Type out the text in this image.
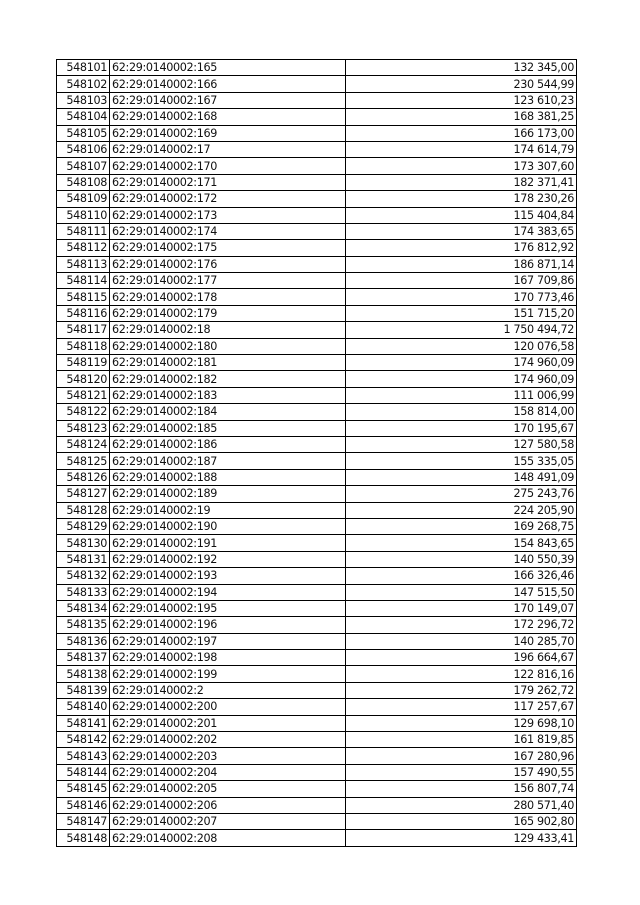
548101	62:29:0140002:165	132 345,00
548102	62:29:0140002:166	230 544,99
548103	62:29:0140002:167	123 610,23
548104	62:29:0140002:168	168 381,25
548105	62:29:0140002:169	166 173,00
548106	62:29:0140002:17	174 614,79
548107	62:29:0140002:170	173 307,60
548108	62:29:0140002:171	182 371,41
548109	62:29:0140002:172	178 230,26
548110	62:29:0140002:173	115 404,84
548111	62:29:0140002:174	174 383,65
548112	62:29:0140002:175	176 812,92
548113	62:29:0140002:176	186 871,14
548114	62:29:0140002:177	167 709,86
548115	62:29:0140002:178	170 773,46
548116	62:29:0140002:179	151 715,20
548117	62:29:0140002:18	1 750 494,72
548118	62:29:0140002:180	120 076,58
548119	62:29:0140002:181	174 960,09
548120	62:29:0140002:182	174 960,09
548121	62:29:0140002:183	111 006,99
548122	62:29:0140002:184	158 814,00
548123	62:29:0140002:185	170 195,67
548124	62:29:0140002:186	127 580,58
548125	62:29:0140002:187	155 335,05
548126	62:29:0140002:188	148 491,09
548127	62:29:0140002:189	275 243,76
548128	62:29:0140002:19	224 205,90
548129	62:29:0140002:190	169 268,75
548130	62:29:0140002:191	154 843,65
548131	62:29:0140002:192	140 550,39
548132	62:29:0140002:193	166 326,46
548133	62:29:0140002:194	147 515,50
548134	62:29:0140002:195	170 149,07
548135	62:29:0140002:196	172 296,72
548136	62:29:0140002:197	140 285,70
548137	62:29:0140002:198	196 664,67
548138	62:29:0140002:199	122 816,16
548139	62:29:0140002:2	179 262,72
548140	62:29:0140002:200	117 257,67
548141	62:29:0140002:201	129 698,10
548142	62:29:0140002:202	161 819,85
548143	62:29:0140002:203	167 280,96
548144	62:29:0140002:204	157 490,55
548145	62:29:0140002:205	156 807,74
548146	62:29:0140002:206	280 571,40
548147	62:29:0140002:207	165 902,80
548148	62:29:0140002:208	129 433,41
